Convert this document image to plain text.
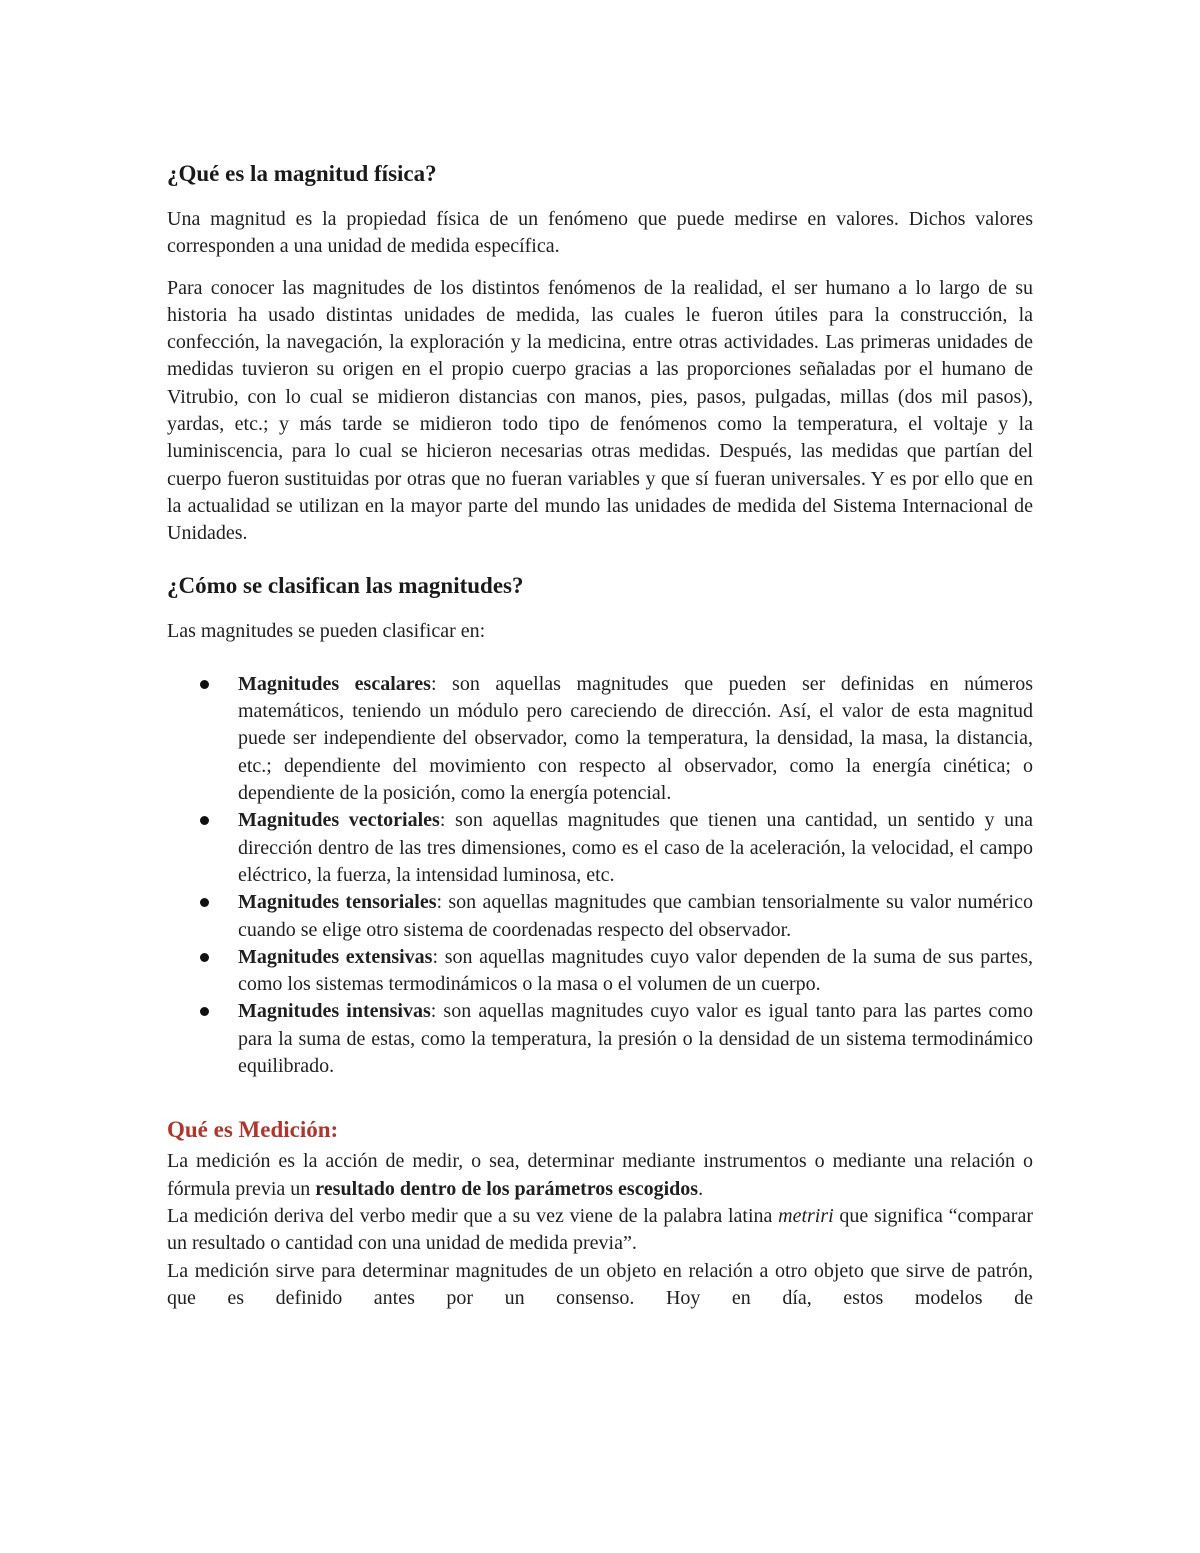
¿Qué es la magnitud física?

Una magnitud es la propiedad física de un fenómeno que puede medirse en valores. Dichos valores corresponden a una unidad de medida específica.

Para conocer las magnitudes de los distintos fenómenos de la realidad, el ser humano a lo largo de su historia ha usado distintas unidades de medida, las cuales le fueron útiles para la construcción, la confección, la navegación, la exploración y la medicina, entre otras actividades. Las primeras unidades de medidas tuvieron su origen en el propio cuerpo gracias a las proporciones señaladas por el humano de Vitrubio, con lo cual se midieron distancias con manos, pies, pasos, pulgadas, millas (dos mil pasos), yardas, etc.; y más tarde se midieron todo tipo de fenómenos como la temperatura, el voltaje y la luminiscencia, para lo cual se hicieron necesarias otras medidas. Después, las medidas que partían del cuerpo fueron sustituidas por otras que no fueran variables y que sí fueran universales. Y es por ello que en la actualidad se utilizan en la mayor parte del mundo las unidades de medida del Sistema Internacional de Unidades.

¿Cómo se clasifican las magnitudes?

Las magnitudes se pueden clasificar en:

Magnitudes escalares: son aquellas magnitudes que pueden ser definidas en números matemáticos, teniendo un módulo pero careciendo de dirección. Así, el valor de esta magnitud puede ser independiente del observador, como la temperatura, la densidad, la masa, la distancia, etc.; dependiente del movimiento con respecto al observador, como la energía cinética; o dependiente de la posición, como la energía potencial.
Magnitudes vectoriales: son aquellas magnitudes que tienen una cantidad, un sentido y una dirección dentro de las tres dimensiones, como es el caso de la aceleración, la velocidad, el campo eléctrico, la fuerza, la intensidad luminosa, etc.
Magnitudes tensoriales: son aquellas magnitudes que cambian tensorialmente su valor numérico cuando se elige otro sistema de coordenadas respecto del observador.
Magnitudes extensivas: son aquellas magnitudes cuyo valor dependen de la suma de sus partes, como los sistemas termodinámicos o la masa o el volumen de un cuerpo.
Magnitudes intensivas: son aquellas magnitudes cuyo valor es igual tanto para las partes como para la suma de estas, como la temperatura, la presión o la densidad de un sistema termodinámico equilibrado.
Qué es Medición:

La medición es la acción de medir, o sea, determinar mediante instrumentos o mediante una relación o fórmula previa un resultado dentro de los parámetros escogidos.

La medición deriva del verbo medir que a su vez viene de la palabra latina metriri que significa “comparar un resultado o cantidad con una unidad de medida previa”.

La medición sirve para determinar magnitudes de un objeto en relación a otro objeto que sirve de patrón, que es definido antes por un consenso. Hoy en día, estos modelos de
